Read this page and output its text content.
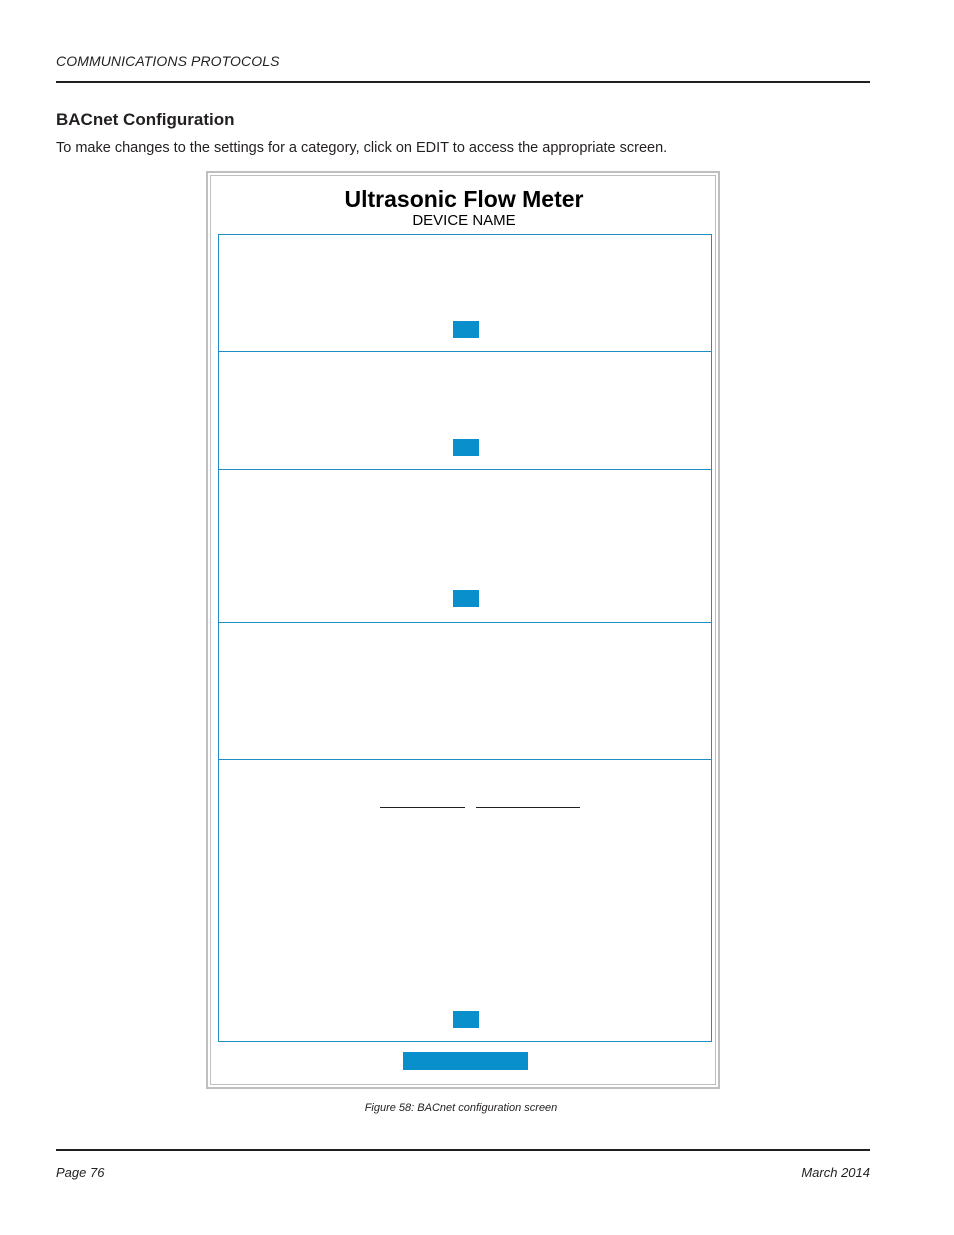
COMMUNICATIONS PROTOCOLS
BACnet Configuration
To make changes to the settings for a category, click on EDIT to access the appropriate screen.
Ultrasonic Flow Meter
DEVICE NAME
Figure 58: BACnet configuration screen
Page 76	March 2014
